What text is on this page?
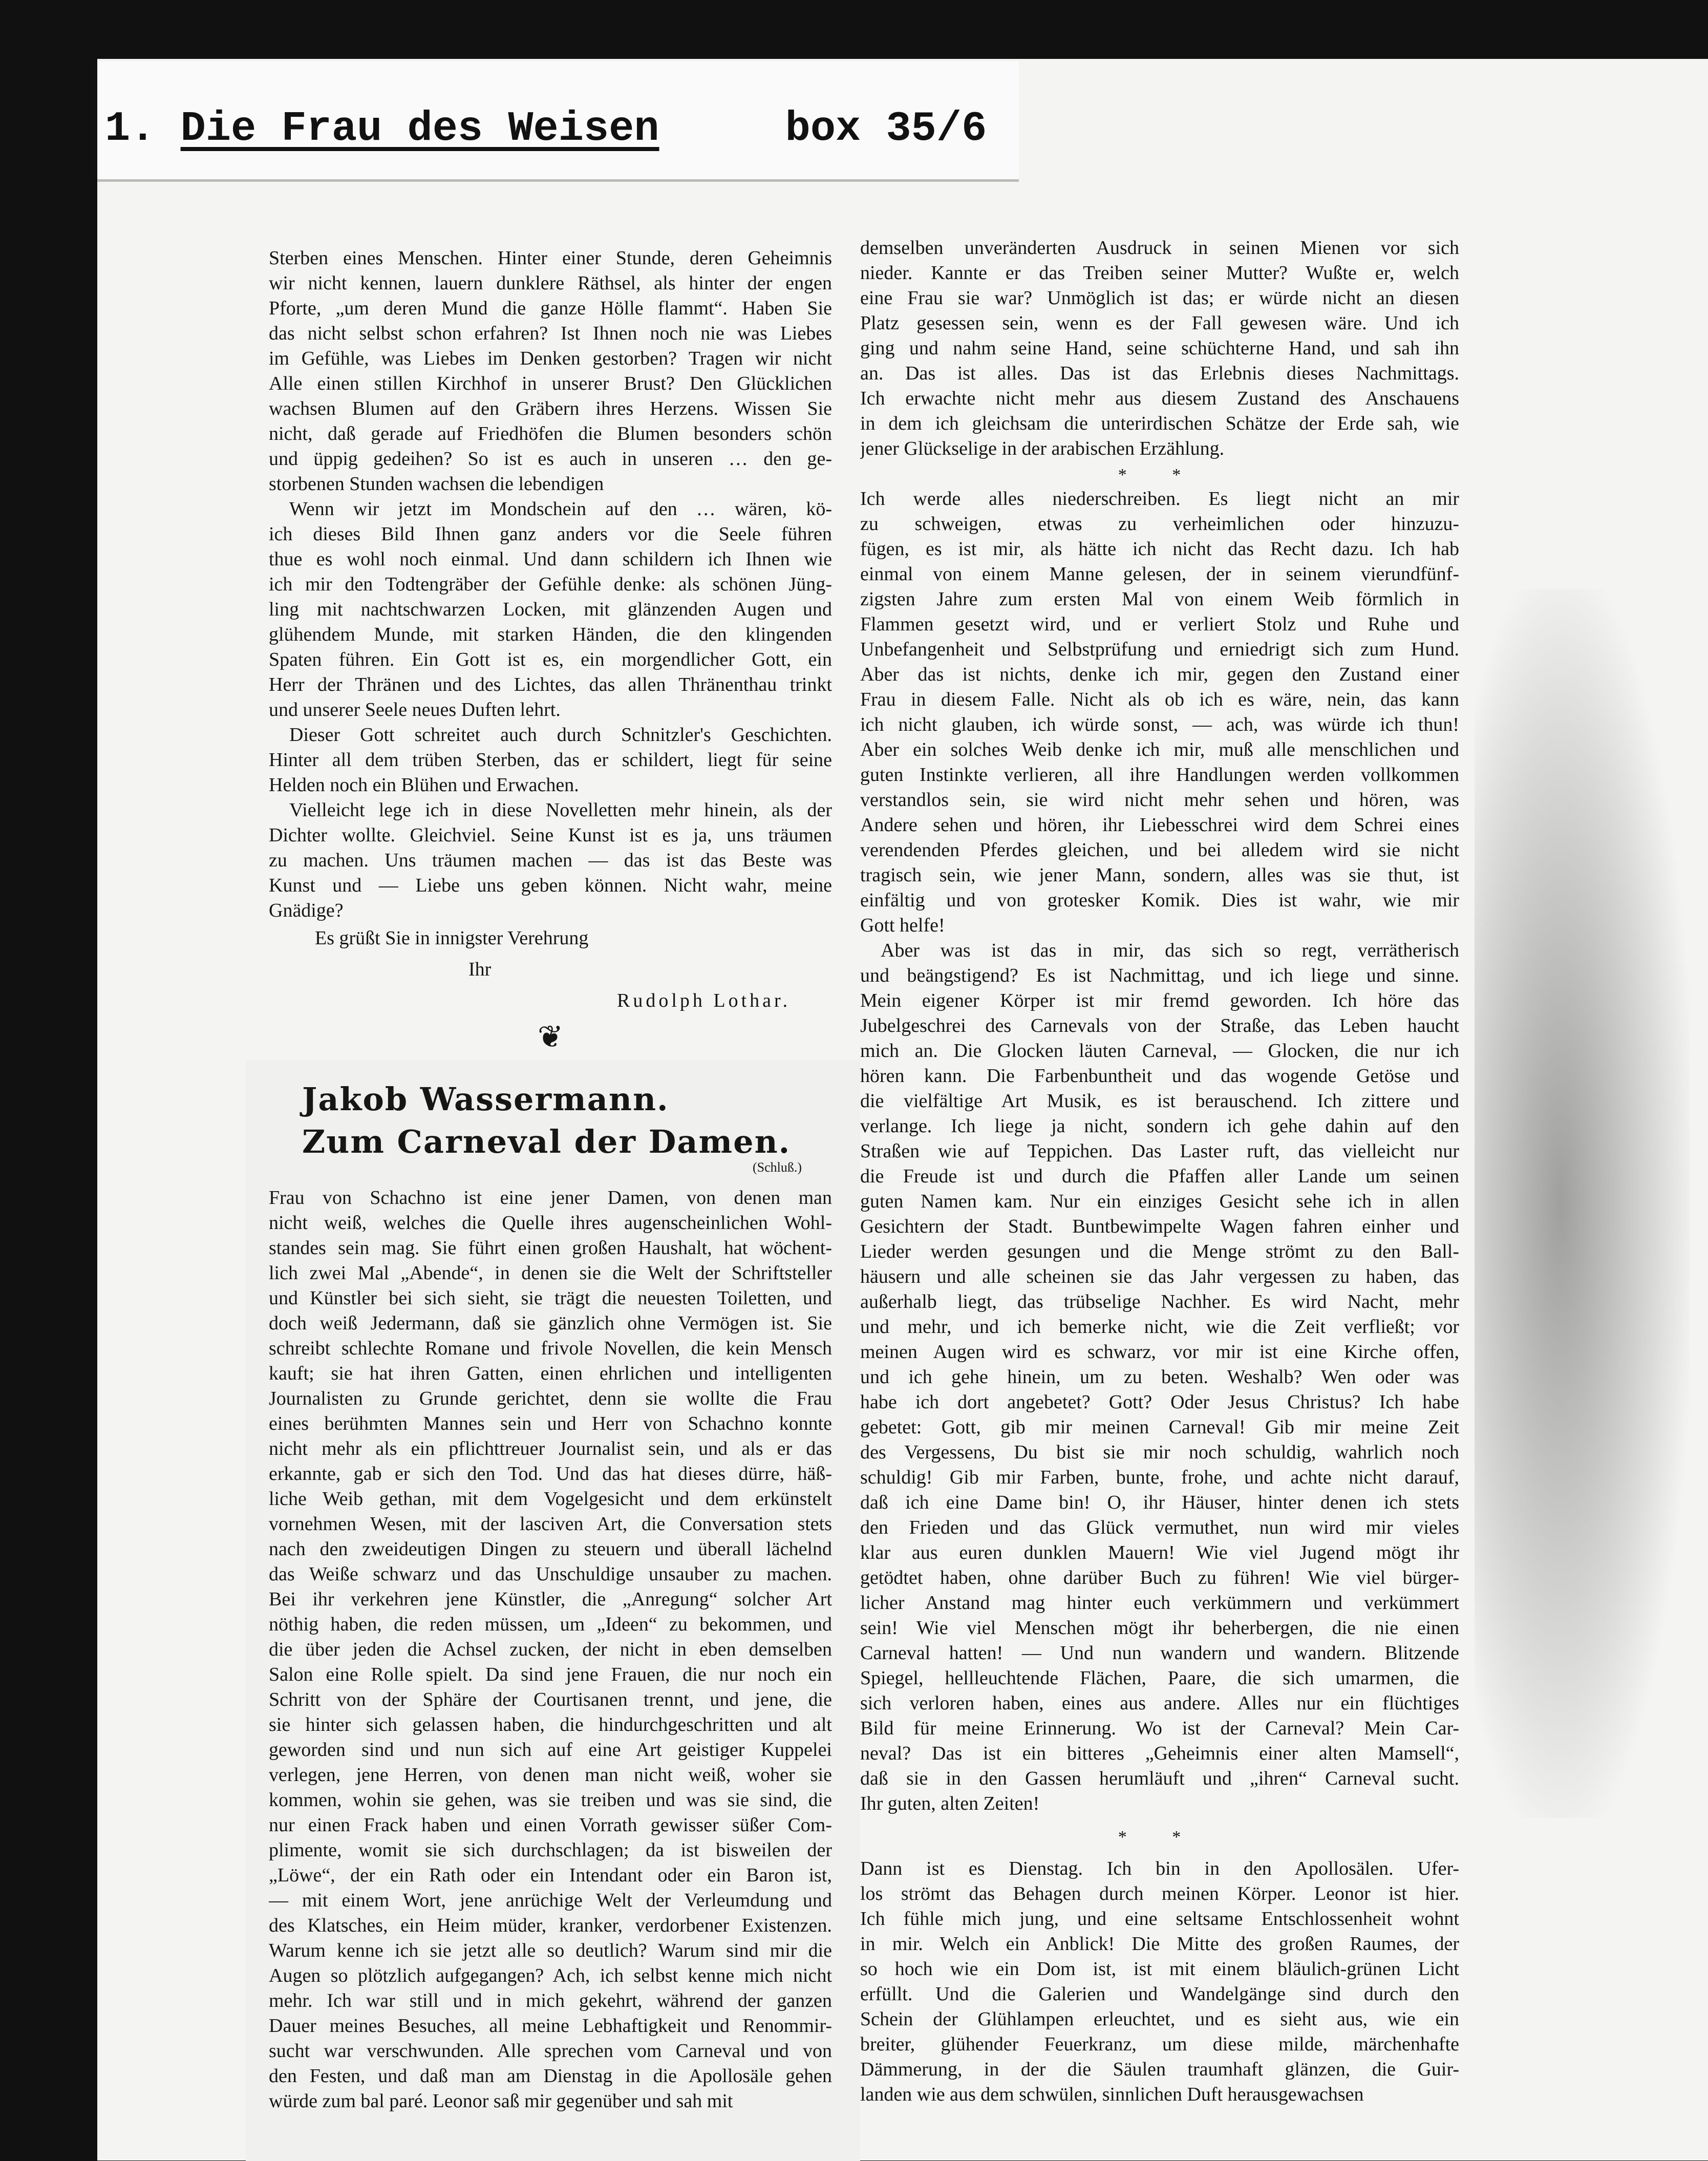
1. Die Frau des Weisen	box 35/6
Sterben eines Menschen. Hinter einer Stunde, deren Geheimnis
wir nicht kennen, lauern dunklere Räthsel, als hinter der engen
Pforte, „um deren Mund die ganze Hölle flammt“. Haben Sie
das nicht selbst schon erfahren? Ist Ihnen noch nie was Liebes
im Gefühle, was Liebes im Denken gestorben? Tragen wir nicht
Alle einen stillen Kirchhof in unserer Brust? Den Glücklichen
wachsen Blumen auf den Gräbern ihres Herzens. Wissen Sie
nicht, daß gerade auf Friedhöfen die Blumen besonders schön
und üppig gedeihen? So ist es auch in unseren … den ge-
storbenen Stunden wachsen die lebendigen
Wenn wir jetzt im Mondschein auf den … wären, kö-
ich dieses Bild Ihnen ganz anders vor die Seele führen
thue es wohl noch einmal. Und dann schildern ich Ihnen wie
ich mir den Todtengräber der Gefühle denke: als schönen Jüng-
ling mit nachtschwarzen Locken, mit glänzenden Augen und
glühendem Munde, mit starken Händen, die den klingenden
Spaten führen. Ein Gott ist es, ein morgendlicher Gott, ein
Herr der Thränen und des Lichtes, das allen Thränenthau trinkt
und unserer Seele neues Duften lehrt.
Dieser Gott schreitet auch durch Schnitzler's Geschichten.
Hinter all dem trüben Sterben, das er schildert, liegt für seine
Helden noch ein Blühen und Erwachen.
Vielleicht lege ich in diese Novelletten mehr hinein, als der
Dichter wollte. Gleichviel. Seine Kunst ist es ja, uns träumen
zu machen. Uns träumen machen — das ist das Beste was
Kunst und — Liebe uns geben können. Nicht wahr, meine
Gnädige?
Es grüßt Sie in innigster Verehrung
Ihr
Rudolph Lothar.
❦
Jakob Wassermann.
Zum Carneval der Damen.
(Schluß.)
Frau von Schachno ist eine jener Damen, von denen man
nicht weiß, welches die Quelle ihres augenscheinlichen Wohl-
standes sein mag. Sie führt einen großen Haushalt, hat wöchent-
lich zwei Mal „Abende“, in denen sie die Welt der Schriftsteller
und Künstler bei sich sieht, sie trägt die neuesten Toiletten, und
doch weiß Jedermann, daß sie gänzlich ohne Vermögen ist. Sie
schreibt schlechte Romane und frivole Novellen, die kein Mensch
kauft; sie hat ihren Gatten, einen ehrlichen und intelligenten
Journalisten zu Grunde gerichtet, denn sie wollte die Frau
eines berühmten Mannes sein und Herr von Schachno konnte
nicht mehr als ein pflichttreuer Journalist sein, und als er das
erkannte, gab er sich den Tod. Und das hat dieses dürre, häß-
liche Weib gethan, mit dem Vogelgesicht und dem erkünstelt
vornehmen Wesen, mit der lasciven Art, die Conversation stets
nach den zweideutigen Dingen zu steuern und überall lächelnd
das Weiße schwarz und das Unschuldige unsauber zu machen.
Bei ihr verkehren jene Künstler, die „Anregung“ solcher Art
nöthig haben, die reden müssen, um „Ideen“ zu bekommen, und
die über jeden die Achsel zucken, der nicht in eben demselben
Salon eine Rolle spielt. Da sind jene Frauen, die nur noch ein
Schritt von der Sphäre der Courtisanen trennt, und jene, die
sie hinter sich gelassen haben, die hindurchgeschritten und alt
geworden sind und nun sich auf eine Art geistiger Kuppelei
verlegen, jene Herren, von denen man nicht weiß, woher sie
kommen, wohin sie gehen, was sie treiben und was sie sind, die
nur einen Frack haben und einen Vorrath gewisser süßer Com-
plimente, womit sie sich durchschlagen; da ist bisweilen der
„Löwe“, der ein Rath oder ein Intendant oder ein Baron ist,
— mit einem Wort, jene anrüchige Welt der Verleumdung und
des Klatsches, ein Heim müder, kranker, verdorbener Existenzen.
Warum kenne ich sie jetzt alle so deutlich? Warum sind mir die
Augen so plötzlich aufgegangen? Ach, ich selbst kenne mich nicht
mehr. Ich war still und in mich gekehrt, während der ganzen
Dauer meines Besuches, all meine Lebhaftigkeit und Renommir-
sucht war verschwunden. Alle sprechen vom Carneval und von
den Festen, und daß man am Dienstag in die Apollosäle gehen
würde zum bal paré. Leonor saß mir gegenüber und sah mit
demselben unveränderten Ausdruck in seinen Mienen vor sich
nieder. Kannte er das Treiben seiner Mutter? Wußte er, welch
eine Frau sie war? Unmöglich ist das; er würde nicht an diesen
Platz gesessen sein, wenn es der Fall gewesen wäre. Und ich
ging und nahm seine Hand, seine schüchterne Hand, und sah ihn
an. Das ist alles. Das ist das Erlebnis dieses Nachmittags.
Ich erwachte nicht mehr aus diesem Zustand des Anschauens
in dem ich gleichsam die unterirdischen Schätze der Erde sah, wie
jener Glückselige in der arabischen Erzählung.
* *
Ich werde alles niederschreiben. Es liegt nicht an mir
zu schweigen, etwas zu verheimlichen oder hinzuzu-
fügen, es ist mir, als hätte ich nicht das Recht dazu. Ich hab
einmal von einem Manne gelesen, der in seinem vierundfünf-
zigsten Jahre zum ersten Mal von einem Weib förmlich in
Flammen gesetzt wird, und er verliert Stolz und Ruhe und
Unbefangenheit und Selbstprüfung und erniedrigt sich zum Hund.
Aber das ist nichts, denke ich mir, gegen den Zustand einer
Frau in diesem Falle. Nicht als ob ich es wäre, nein, das kann
ich nicht glauben, ich würde sonst, — ach, was würde ich thun!
Aber ein solches Weib denke ich mir, muß alle menschlichen und
guten Instinkte verlieren, all ihre Handlungen werden vollkommen
verstandlos sein, sie wird nicht mehr sehen und hören, was
Andere sehen und hören, ihr Liebesschrei wird dem Schrei eines
verendenden Pferdes gleichen, und bei alledem wird sie nicht
tragisch sein, wie jener Mann, sondern, alles was sie thut, ist
einfältig und von grotesker Komik. Dies ist wahr, wie mir
Gott helfe!
Aber was ist das in mir, das sich so regt, verrätherisch
und beängstigend? Es ist Nachmittag, und ich liege und sinne.
Mein eigener Körper ist mir fremd geworden. Ich höre das
Jubelgeschrei des Carnevals von der Straße, das Leben haucht
mich an. Die Glocken läuten Carneval, — Glocken, die nur ich
hören kann. Die Farbenbuntheit und das wogende Getöse und
die vielfältige Art Musik, es ist berauschend. Ich zittere und
verlange. Ich liege ja nicht, sondern ich gehe dahin auf den
Straßen wie auf Teppichen. Das Laster ruft, das vielleicht nur
die Freude ist und durch die Pfaffen aller Lande um seinen
guten Namen kam. Nur ein einziges Gesicht sehe ich in allen
Gesichtern der Stadt. Buntbewimpelte Wagen fahren einher und
Lieder werden gesungen und die Menge strömt zu den Ball-
häusern und alle scheinen sie das Jahr vergessen zu haben, das
außerhalb liegt, das trübselige Nachher. Es wird Nacht, mehr
und mehr, und ich bemerke nicht, wie die Zeit verfließt; vor
meinen Augen wird es schwarz, vor mir ist eine Kirche offen,
und ich gehe hinein, um zu beten. Weshalb? Wen oder was
habe ich dort angebetet? Gott? Oder Jesus Christus? Ich habe
gebetet: Gott, gib mir meinen Carneval! Gib mir meine Zeit
des Vergessens, Du bist sie mir noch schuldig, wahrlich noch
schuldig! Gib mir Farben, bunte, frohe, und achte nicht darauf,
daß ich eine Dame bin! O, ihr Häuser, hinter denen ich stets
den Frieden und das Glück vermuthet, nun wird mir vieles
klar aus euren dunklen Mauern! Wie viel Jugend mögt ihr
getödtet haben, ohne darüber Buch zu führen! Wie viel bürger-
licher Anstand mag hinter euch verkümmern und verkümmert
sein! Wie viel Menschen mögt ihr beherbergen, die nie einen
Carneval hatten! — Und nun wandern und wandern. Blitzende
Spiegel, hellleuchtende Flächen, Paare, die sich umarmen, die
sich verloren haben, eines aus andere. Alles nur ein flüchtiges
Bild für meine Erinnerung. Wo ist der Carneval? Mein Car-
neval? Das ist ein bitteres „Geheimnis einer alten Mamsell“,
daß sie in den Gassen herumläuft und „ihren“ Carneval sucht.
Ihr guten, alten Zeiten!
* *
Dann ist es Dienstag. Ich bin in den Apollosälen. Ufer-
los strömt das Behagen durch meinen Körper. Leonor ist hier.
Ich fühle mich jung, und eine seltsame Entschlossenheit wohnt
in mir. Welch ein Anblick! Die Mitte des großen Raumes, der
so hoch wie ein Dom ist, ist mit einem bläulich-grünen Licht
erfüllt. Und die Galerien und Wandelgänge sind durch den
Schein der Glühlampen erleuchtet, und es sieht aus, wie ein
breiter, glühender Feuerkranz, um diese milde, märchenhafte
Dämmerung, in der die Säulen traumhaft glänzen, die Guir-
landen wie aus dem schwülen, sinnlichen Duft herausgewachsen
